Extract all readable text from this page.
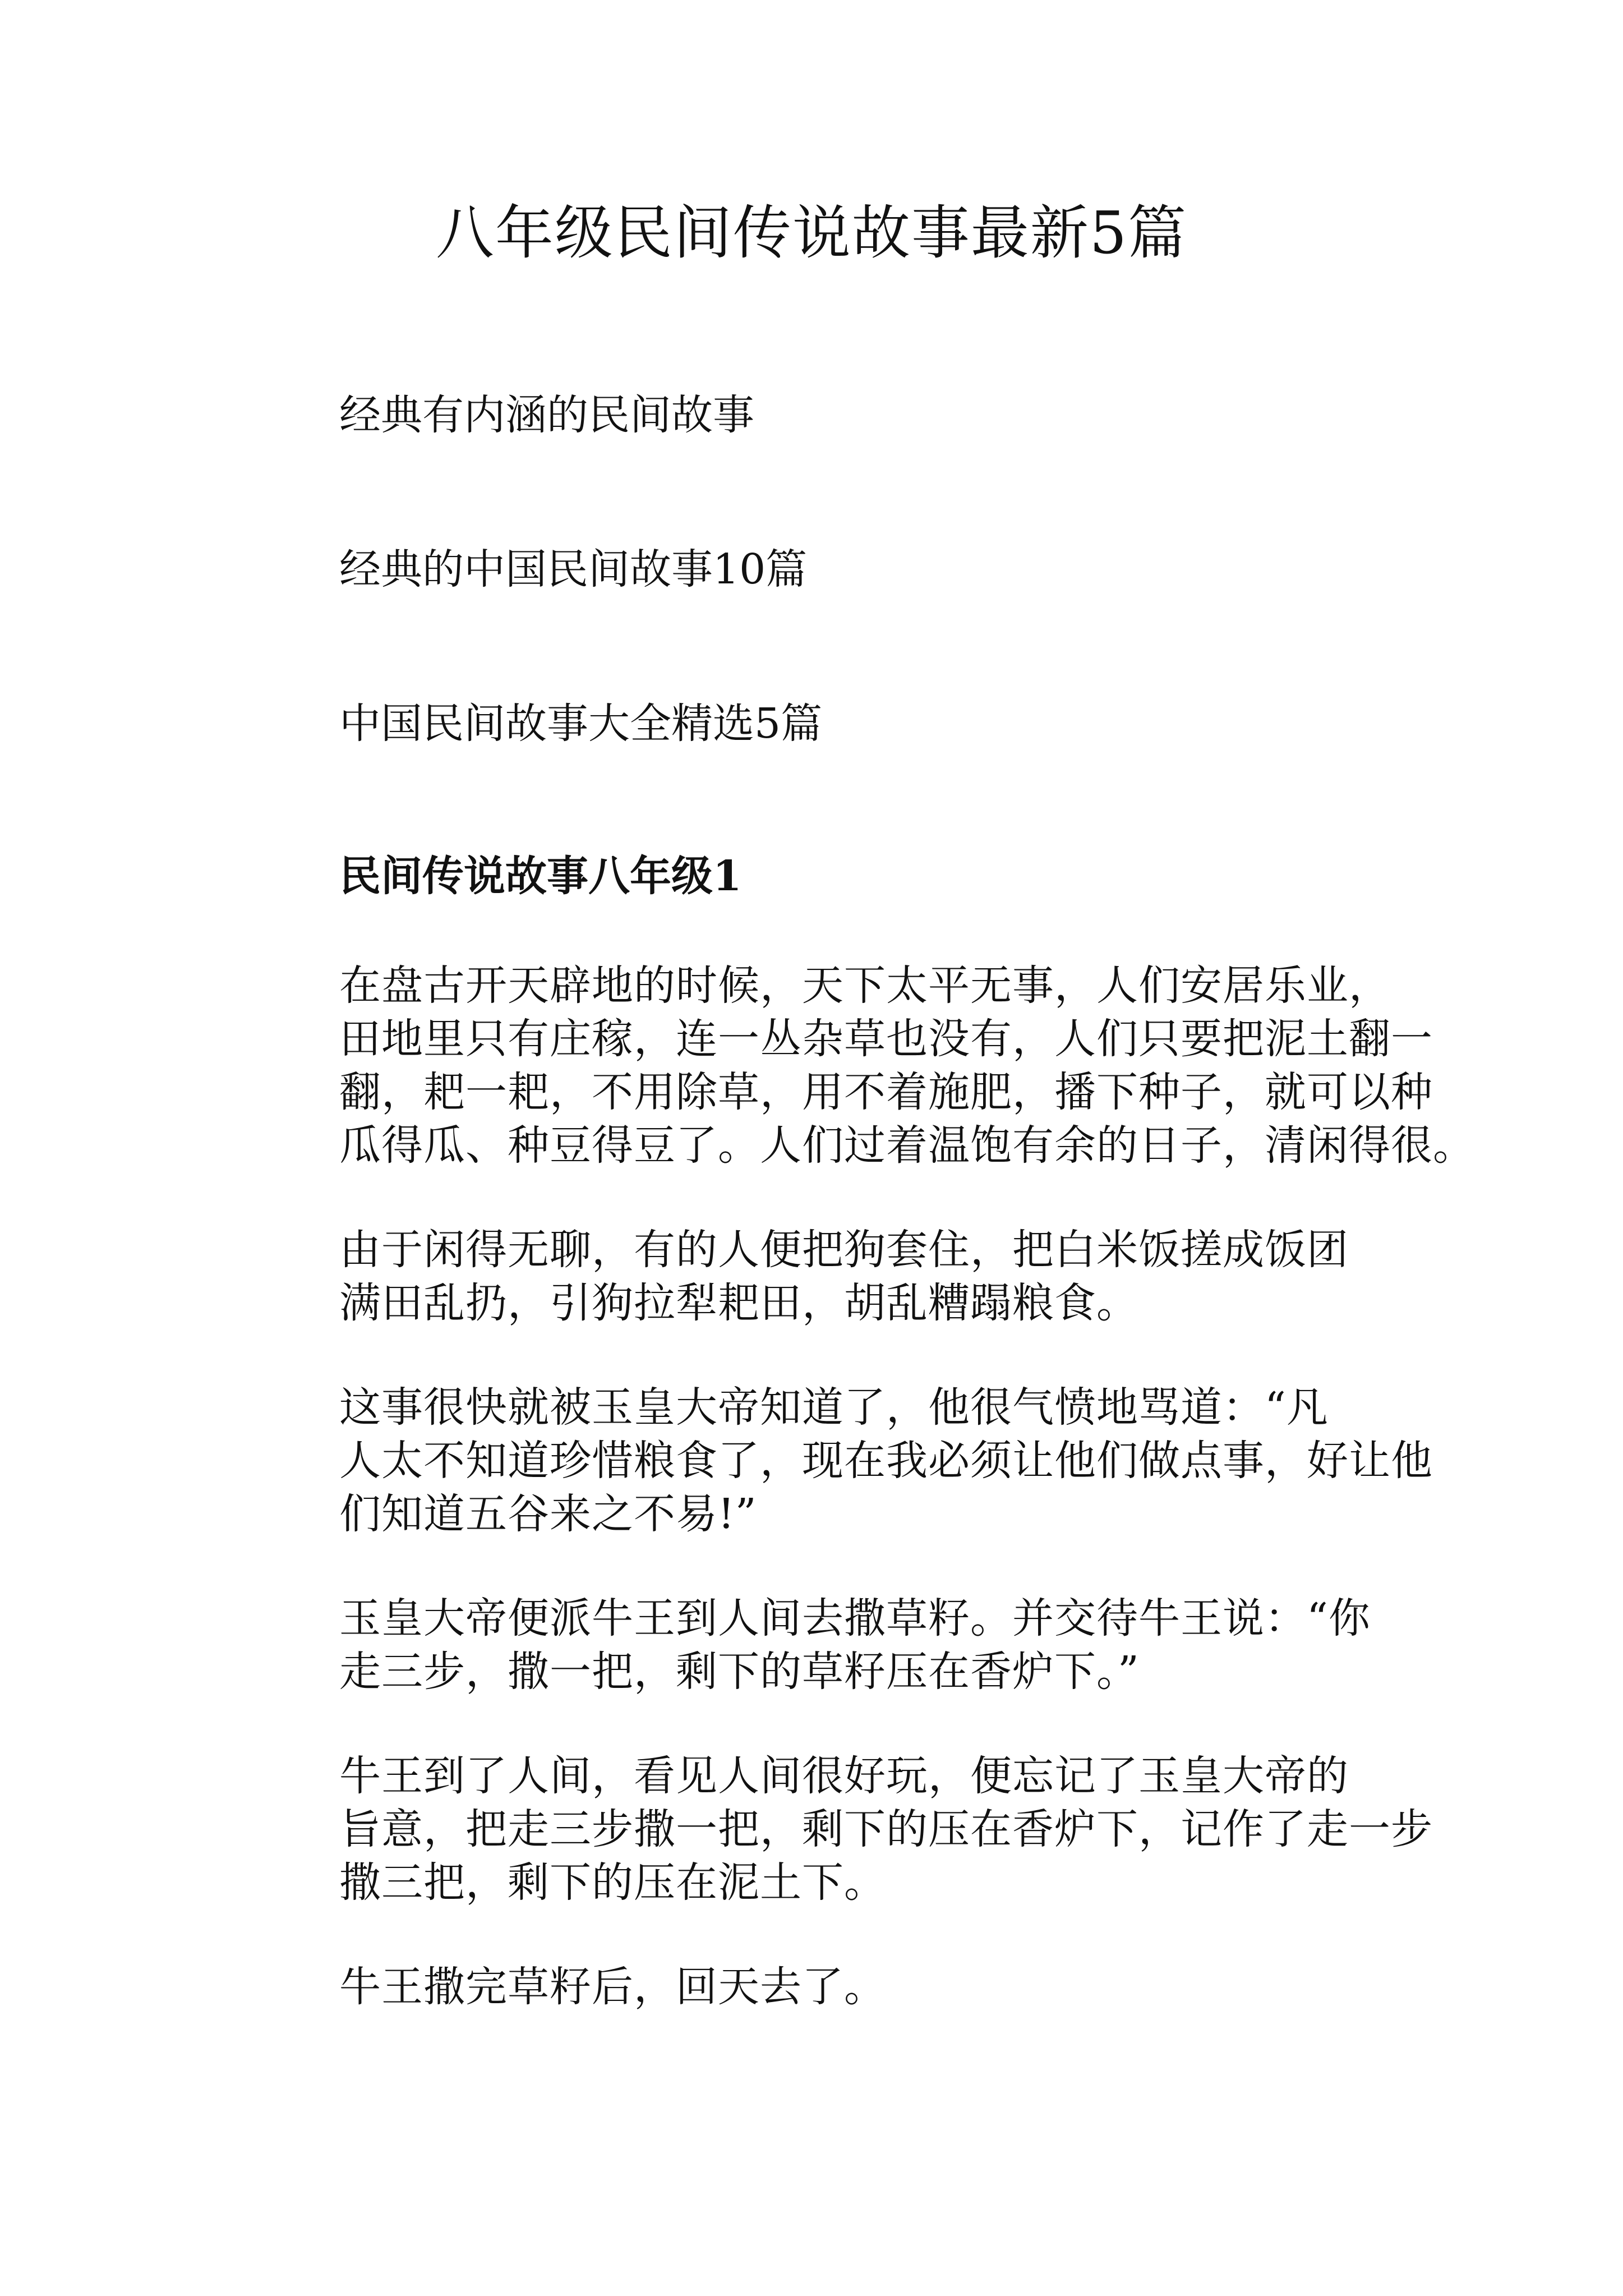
八年级民间传说故事最新5篇

经典有内涵的民间故事

经典的中国民间故事10篇

中国民间故事大全精选5篇

民间传说故事八年级1

在盘古开天辟地的时候，天下太平无事，人们安居乐业，
田地里只有庄稼，连一丛杂草也没有，人们只要把泥土翻一
翻，耙一耙，不用除草，用不着施肥，播下种子，就可以种
瓜得瓜、种豆得豆了。人们过着温饱有余的日子，清闲得很。

由于闲得无聊，有的人便把狗套住，把白米饭搓成饭团
满田乱扔，引狗拉犁耙田，胡乱糟蹋粮食。

这事很快就被玉皇大帝知道了，他很气愤地骂道：“凡
人太不知道珍惜粮食了，现在我必须让他们做点事，好让他
们知道五谷来之不易!”

玉皇大帝便派牛王到人间去撒草籽。并交待牛王说：“你
走三步，撒一把，剩下的草籽压在香炉下。”

牛王到了人间，看见人间很好玩，便忘记了玉皇大帝的
旨意，把走三步撒一把，剩下的压在香炉下，记作了走一步
撒三把，剩下的压在泥土下。

牛王撒完草籽后，回天去了。
